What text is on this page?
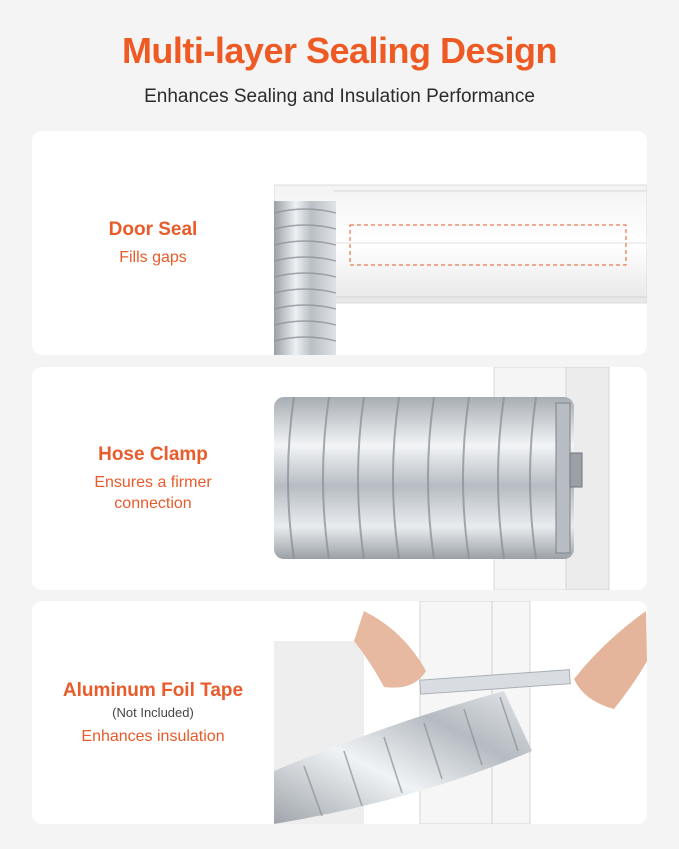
Multi-layer Sealing Design

Enhances Sealing and Insulation Performance

Door Seal
Fills gaps
Hose Clamp
Ensures a firmer
connection
Aluminum Foil Tape
(Not Included)
Enhances insulation
